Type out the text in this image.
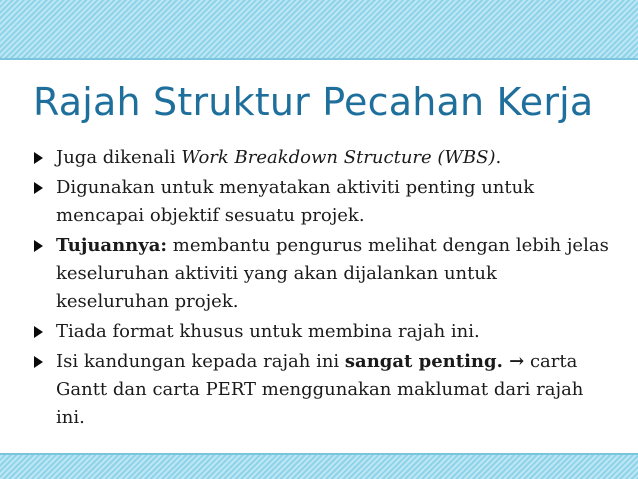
Rajah Struktur Pecahan Kerja
Juga dikenali Work Breakdown Structure (WBS).
Digunakan untuk menyatakan aktiviti penting untuk mencapai objektif sesuatu projek.
Tujuannya: membantu pengurus melihat dengan lebih jelas keseluruhan aktiviti yang akan dijalankan untuk keseluruhan projek.
Tiada format khusus untuk membina rajah ini.
Isi kandungan kepada rajah ini sangat penting. → carta Gantt dan carta PERT menggunakan maklumat dari rajah ini.
